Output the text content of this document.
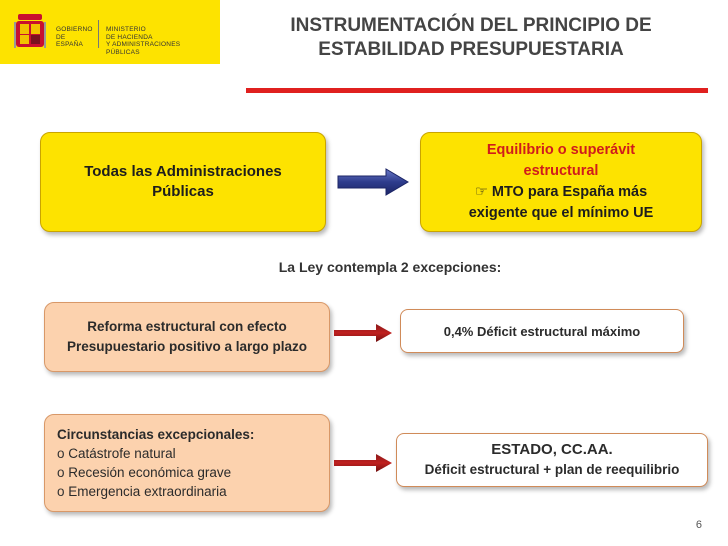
GOBIERNO
DE ESPAÑA
MINISTERIO
DE HACIENDA
Y ADMINISTRACIONES PÚBLICAS
INSTRUMENTACIÓN DEL PRINCIPIO DE
ESTABILIDAD PRESUPUESTARIA
Todas las Administraciones
Públicas
Equilibrio o superávit
estructural
☞ MTO para España más
exigente que el mínimo UE
La Ley contempla 2 excepciones:
Reforma estructural con efecto
Presupuestario positivo a largo plazo
0,4% Déficit estructural máximo
Circunstancias excepcionales:
o Catástrofe natural
o Recesión económica grave
o Emergencia extraordinaria
ESTADO, CC.AA.
Déficit estructural + plan de reequilibrio
6
